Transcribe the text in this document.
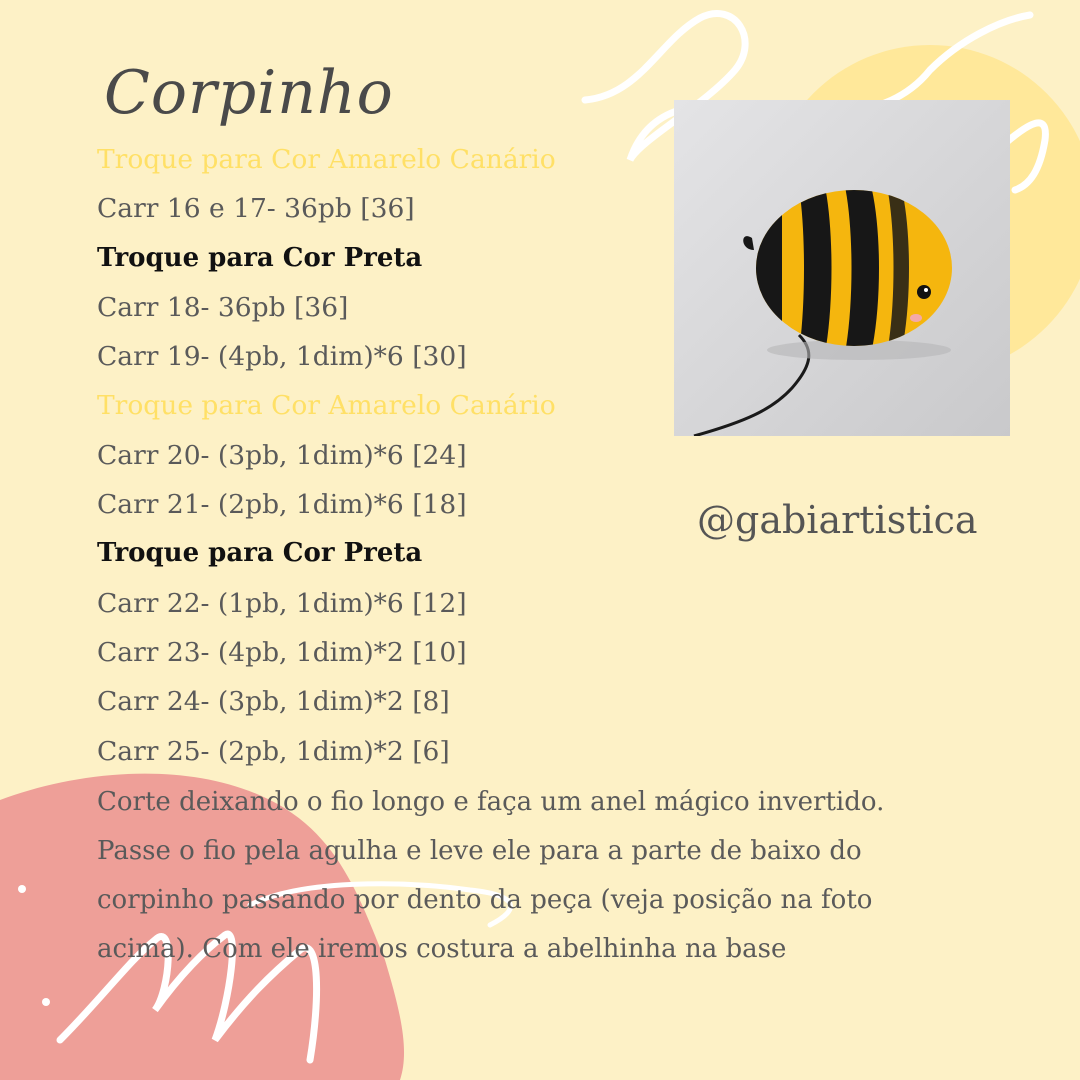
Corpinho
Troque para Cor Amarelo Canário
Carr 16 e 17- 36pb [36]
Troque para Cor Preta
Carr 18- 36pb [36]
Carr 19- (4pb, 1dim)*6 [30]
Troque para Cor Amarelo Canário
Carr 20- (3pb, 1dim)*6 [24]
Carr 21- (2pb, 1dim)*6 [18]
Troque para Cor Preta
Carr 22- (1pb, 1dim)*6 [12]
Carr 23- (4pb, 1dim)*2 [10]
Carr 24- (3pb, 1dim)*2 [8]
Carr 25- (2pb, 1dim)*2 [6]

Corte deixando o fio longo e faça um anel mágico invertido.
Passe o fio pela agulha e leve ele para a parte de baixo do
corpinho passando por dento da peça (veja posição na foto
acima). Com ele iremos costura a abelhinha na base

@gabiartistica
